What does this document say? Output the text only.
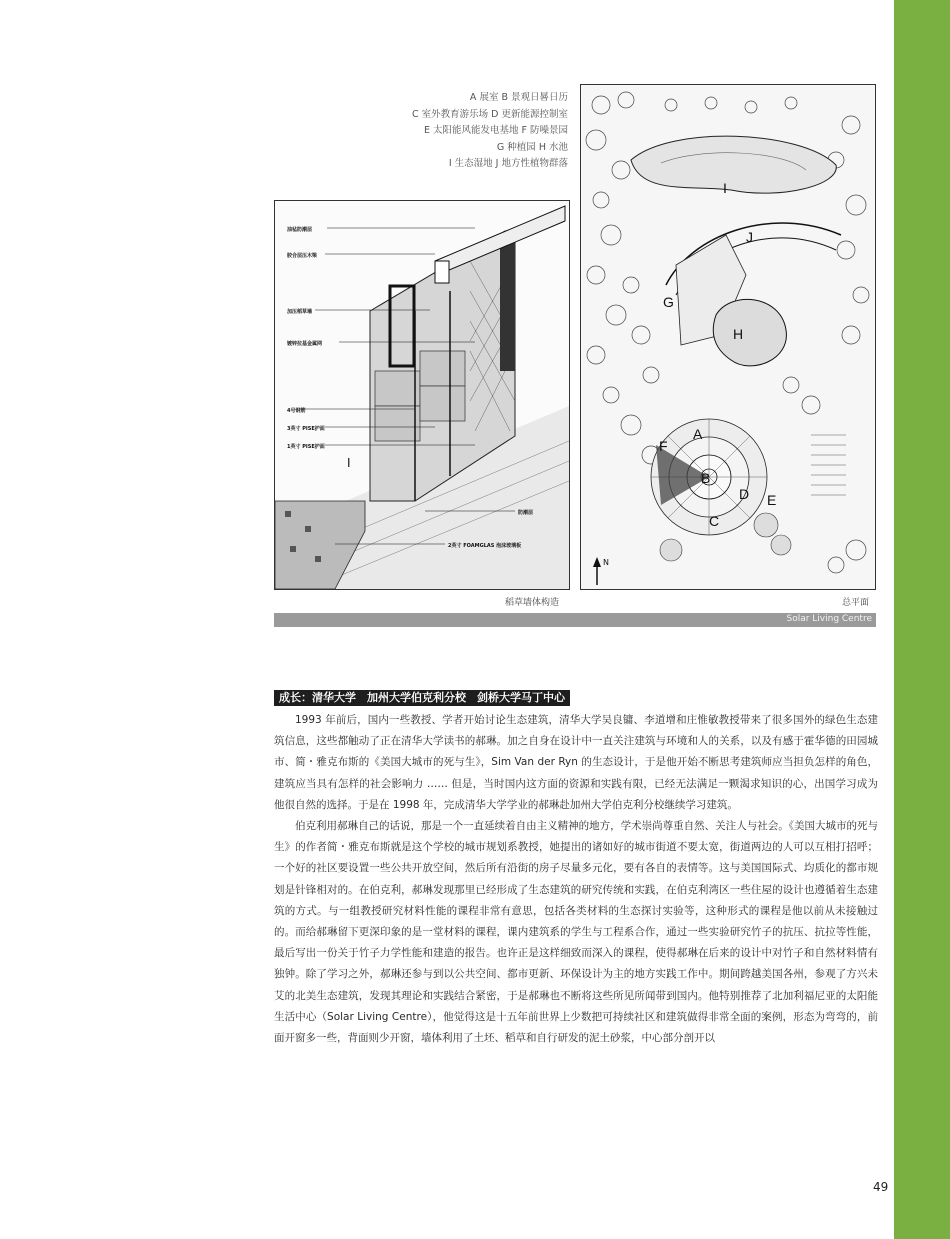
A 展室 B 景观日晷日历
C 室外教育游乐场 D 更新能源控制室
E 太阳能风能发电基地 F 防噪景园
G 种植园 H 水池
I 生态湿地 J 地方性植物群落
油毡防潮层
胶合层压木梁
加压稻草墙
镀锌拉基金属网
4号钢筋
3英寸 PISE护面
1英寸 PISE护面
防潮层
2英寸 FOAMGLAS 泡沫玻璃板
I
N
A
B
C
D E
F
G
H
I
J
稻草墙体构造	总平面
Solar Living Centre
成长：清华大学　加州大学伯克利分校　剑桥大学马丁中心

1993 年前后，国内一些教授、学者开始讨论生态建筑，清华大学吴良镛、李道增和庄惟敏教授带来了很多国外的绿色生态建筑信息，这些都触动了正在清华大学读书的郝琳。加之自身在设计中一直关注建筑与环境和人的关系，以及有感于霍华德的田园城市、简・雅克布斯的《美国大城市的死与生》，Sim Van der Ryn 的生态设计，于是他开始不断思考建筑师应当担负怎样的角色，建筑应当具有怎样的社会影响力 …… 但是，当时国内这方面的资源和实践有限，已经无法满足一颗渴求知识的心，出国学习成为他很自然的选择。于是在 1998 年，完成清华大学学业的郝琳赴加州大学伯克利分校继续学习建筑。

伯克利用郝琳自己的话说，那是一个一直延续着自由主义精神的地方，学术崇尚尊重自然、关注人与社会。《美国大城市的死与生》的作者简・雅克布斯就是这个学校的城市规划系教授，她提出的诸如好的城市街道不要太宽，街道两边的人可以互相打招呼；一个好的社区要设置一些公共开放空间，然后所有沿街的房子尽量多元化，要有各自的表情等。这与美国国际式、均质化的都市规划是针锋相对的。在伯克利，郝琳发现那里已经形成了生态建筑的研究传统和实践，在伯克利湾区一些住屋的设计也遵循着生态建筑的方式。与一组教授研究材料性能的课程非常有意思，包括各类材料的生态探讨实验等，这种形式的课程是他以前从未接触过的。而给郝琳留下更深印象的是一堂材料的课程，课内建筑系的学生与工程系合作，通过一些实验研究竹子的抗压、抗拉等性能，最后写出一份关于竹子力学性能和建造的报告。也许正是这样细致而深入的课程，使得郝琳在后来的设计中对竹子和自然材料情有独钟。除了学习之外，郝琳还参与到以公共空间、都市更新、环保设计为主的地方实践工作中。期间跨越美国各州，参观了方兴未艾的北美生态建筑，发现其理论和实践结合紧密，于是郝琳也不断将这些所见所闻带到国内。他特别推荐了北加利福尼亚的太阳能生活中心（Solar Living Centre），他觉得这是十五年前世界上少数把可持续社区和建筑做得非常全面的案例，形态为弯弯的，前面开窗多一些，背面则少开窗，墙体利用了土坯、稻草和自行研发的泥土砂浆，中心部分剖开以

49
